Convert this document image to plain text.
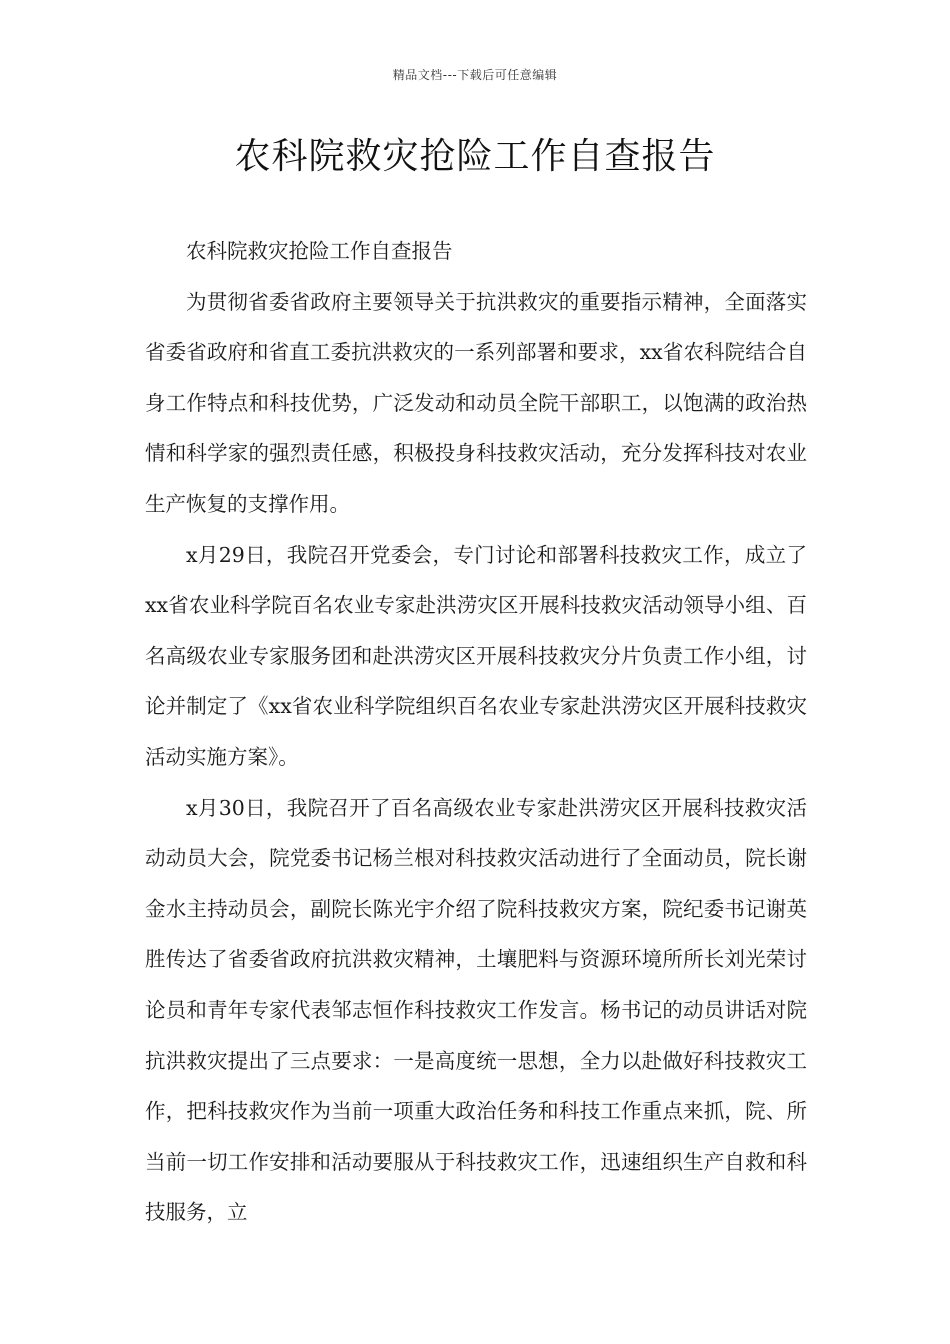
精品文档---下载后可任意编辑
农科院救灾抢险工作自查报告

农科院救灾抢险工作自查报告

为贯彻省委省政府主要领导关于抗洪救灾的重要指示精神，全面落实省委省政府和省直工委抗洪救灾的一系列部署和要求，xx省农科院结合自身工作特点和科技优势，广泛发动和动员全院干部职工，以饱满的政治热情和科学家的强烈责任感，积极投身科技救灾活动，充分发挥科技对农业生产恢复的支撑作用。

x月29日，我院召开党委会，专门讨论和部署科技救灾工作，成立了xx省农业科学院百名农业专家赴洪涝灾区开展科技救灾活动领导小组、百名高级农业专家服务团和赴洪涝灾区开展科技救灾分片负责工作小组，讨论并制定了《xx省农业科学院组织百名农业专家赴洪涝灾区开展科技救灾活动实施方案》。

x月30日，我院召开了百名高级农业专家赴洪涝灾区开展科技救灾活动动员大会，院党委书记杨兰根对科技救灾活动进行了全面动员，院长谢金水主持动员会，副院长陈光宇介绍了院科技救灾方案，院纪委书记谢英胜传达了省委省政府抗洪救灾精神，土壤肥料与资源环境所所长刘光荣讨论员和青年专家代表邹志恒作科技救灾工作发言。杨书记的动员讲话对院抗洪救灾提出了三点要求：一是高度统一思想，全力以赴做好科技救灾工作，把科技救灾作为当前一项重大政治任务和科技工作重点来抓，院、所当前一切工作安排和活动要服从于科技救灾工作，迅速组织生产自救和科技服务，立
